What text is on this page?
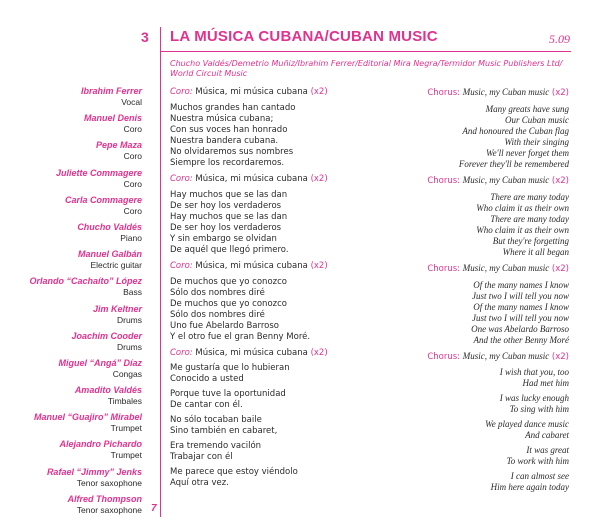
3 LA MÚSICA CUBANA/CUBAN MUSIC	5.09
Chucho Valdés/Demetrio Muñiz/Ibrahim Ferrer/Editorial Mira Negra/Termidor Music Publishers Ltd/
World Circuit Music
Ibrahim Ferrer
Vocal
Manuel Denis
Coro
Pepe Maza
Coro
Juliette Commagere
Coro
Carla Commagere
Coro
Chucho Valdés
Piano
Manuel Galbán
Electric guitar
Orlando “Cachaíto” López
Bass
Jim Keltner
Drums
Joachim Cooder
Drums
Miguel “Angá” Díaz
Congas
Amadito Valdés
Timbales
Manuel “Guajiro” Mirabel
Trumpet
Alejandro Pichardo
Trumpet
Rafael “Jimmy” Jenks
Tenor saxophone
Alfred Thompson
Tenor saxophone
Coro: Música, mi música cubana (x2)
Muchos grandes han cantado
Nuestra música cubana;
Con sus voces han honrado
Nuestra bandera cubana.
No olvidaremos sus nombres
Siempre los recordaremos.
Coro: Música, mi música cubana (x2)
Hay muchos que se las dan
De ser hoy los verdaderos
Hay muchos que se las dan
De ser hoy los verdaderos
Y sin embargo se olvidan
De aquél que llegó primero.
Coro: Música, mi música cubana (x2)
De muchos que yo conozco
Sólo dos nombres diré
De muchos que yo conozco
Sólo dos nombres diré
Uno fue Abelardo Barroso
Y el otro fue el gran Benny Moré.
Coro: Música, mi música cubana (x2)
Me gustaría que lo hubieran
Conocido a usted
Porque tuve la oportunidad
De cantar con él.
No sólo tocaban baile
Sino también en cabaret,
Era tremendo vacilón
Trabajar con él
Me parece que estoy viéndolo
Aquí otra vez.
Chorus: Music, my Cuban music (x2)
Many greats have sung
Our Cuban music
And honoured the Cuban flag
With their singing
We'll never forget them
Forever they'll be remembered
Chorus: Music, my Cuban music (x2)
There are many today
Who claim it as their own
There are many today
Who claim it as their own
But they're forgetting
Where it all began
Chorus: Music, my Cuban music (x2)
Of the many names I know
Just two I will tell you now
Of the many names I know
Just two I will tell you now
One was Abelardo Barroso
And the other Benny Moré
Chorus: Music, my Cuban music (x2)
I wish that you, too
Had met him
I was lucky enough
To sing with him
We played dance music
And cabaret
It was great
To work with him
I can almost see
Him here again today
7
